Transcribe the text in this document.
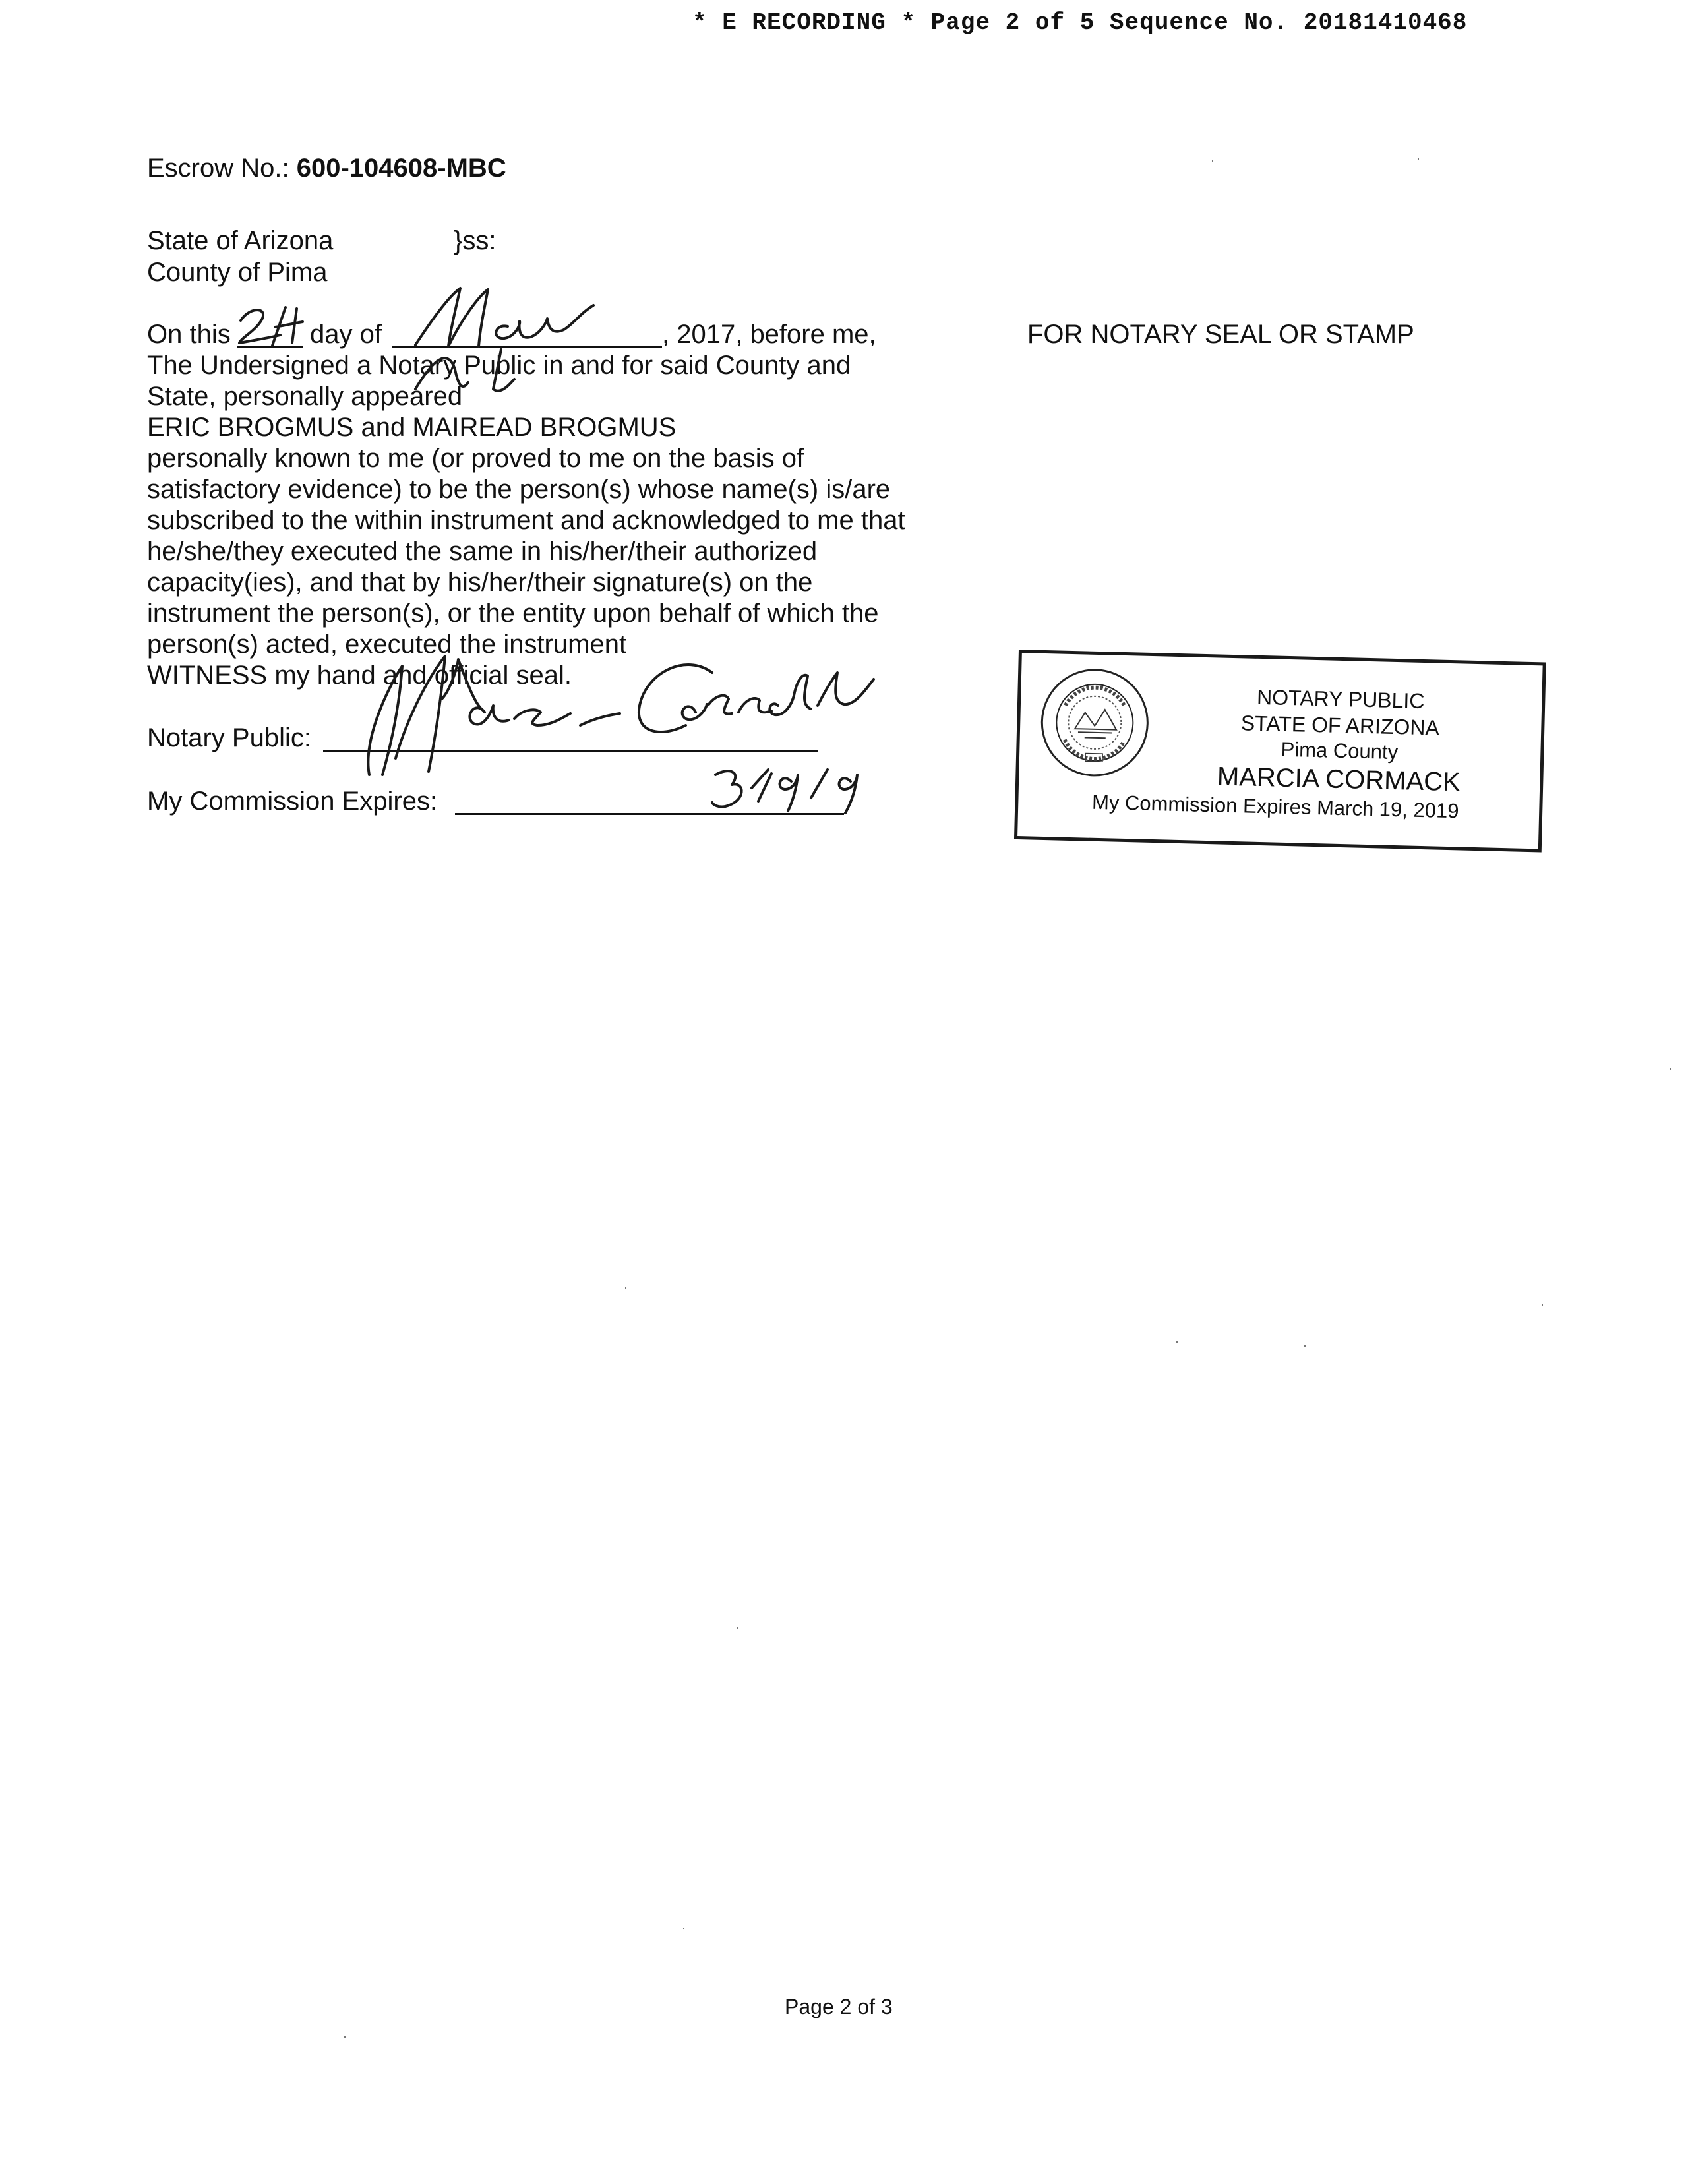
* E RECORDING * Page 2 of 5 Sequence No. 20181410468
Escrow No.: 600-104608-MBC
State of Arizona	}ss:
County of Pima
On this	day of	, 2017, before me,
The Undersigned a Notary Public in and for said County and
State, personally appeared
ERIC BROGMUS and MAIREAD BROGMUS
personally known to me (or proved to me on the basis of
satisfactory evidence) to be the person(s) whose name(s) is/are
subscribed to the within instrument and acknowledged to me that
he/she/they executed the same in his/her/their authorized
capacity(ies), and that by his/her/their signature(s) on the
instrument the person(s), or the entity upon behalf of which the
person(s) acted, executed the instrument
WITNESS my hand and official seal.
Notary Public:
My Commission Expires:
FOR NOTARY SEAL OR STAMP
NOTARY PUBLIC
STATE OF ARIZONA
Pima County
MARCIA CORMACK
My Commission Expires March 19, 2019
Page 2 of 3
